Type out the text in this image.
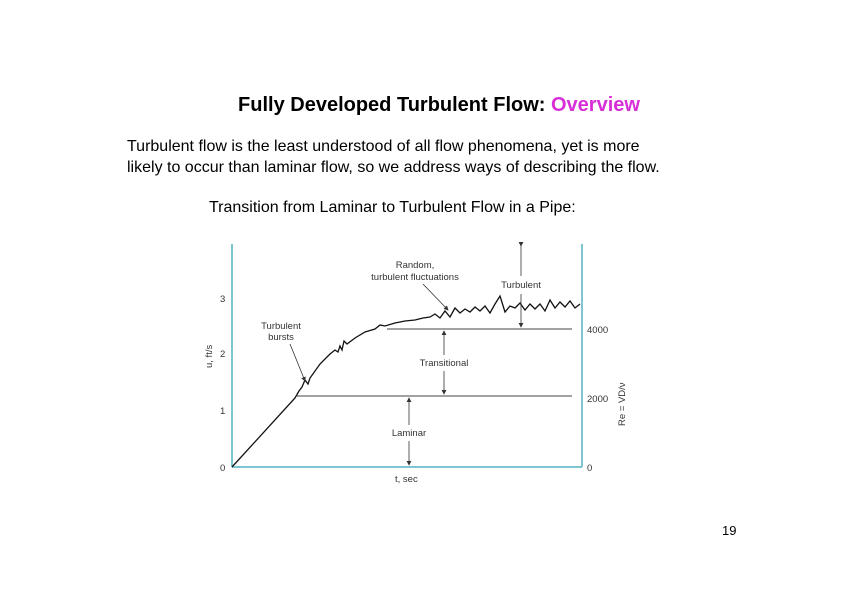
Fully Developed Turbulent Flow: Overview
Turbulent flow is the least understood of all flow phenomena, yet is more
likely to occur than laminar flow, so we address ways of describing the flow.
Transition from Laminar to Turbulent Flow in a Pipe:
0
1
2
3
0
2000
4000
u, ft/s
Re = VD/ν
t, sec
Turbulent
bursts
Random,
turbulent fluctuations
Turbulent
Transitional
Laminar
19
